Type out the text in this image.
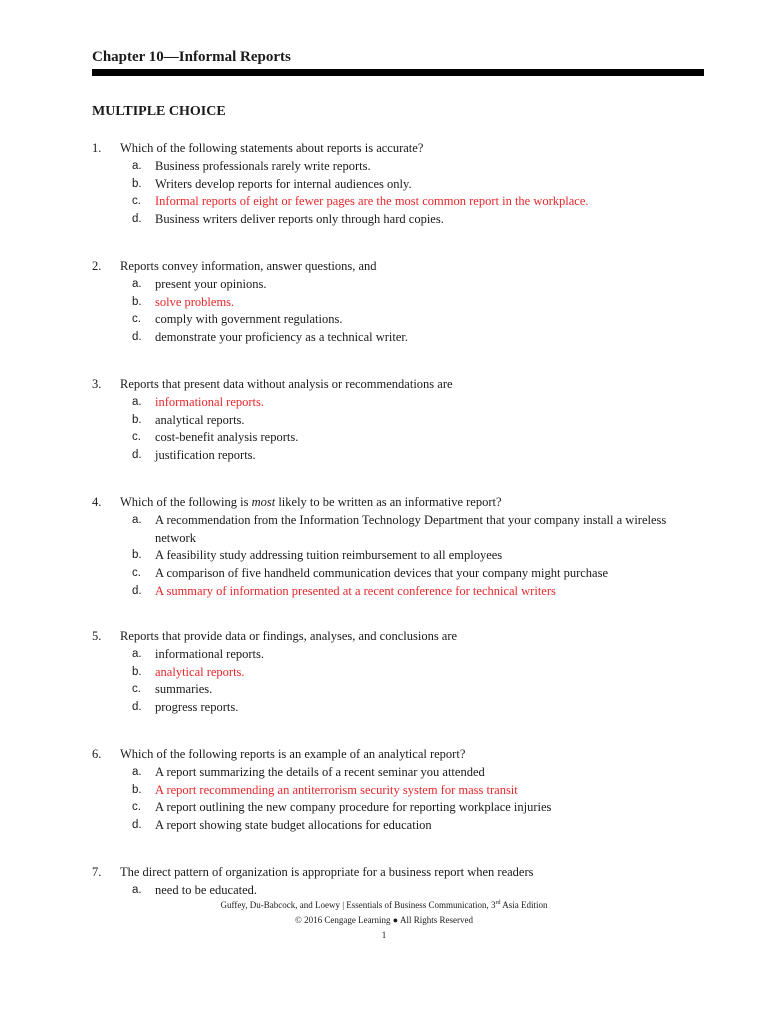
Chapter 10—Informal Reports
MULTIPLE CHOICE
1. Which of the following statements about reports is accurate?
a. Business professionals rarely write reports.
b. Writers develop reports for internal audiences only.
c. Informal reports of eight or fewer pages are the most common report in the workplace.
d. Business writers deliver reports only through hard copies.
2. Reports convey information, answer questions, and
a. present your opinions.
b. solve problems.
c. comply with government regulations.
d. demonstrate your proficiency as a technical writer.
3. Reports that present data without analysis or recommendations are
a. informational reports.
b. analytical reports.
c. cost-benefit analysis reports.
d. justification reports.
4. Which of the following is most likely to be written as an informative report?
a. A recommendation from the Information Technology Department that your company install a wireless network
b. A feasibility study addressing tuition reimbursement to all employees
c. A comparison of five handheld communication devices that your company might purchase
d. A summary of information presented at a recent conference for technical writers
5. Reports that provide data or findings, analyses, and conclusions are
a. informational reports.
b. analytical reports.
c. summaries.
d. progress reports.
6. Which of the following reports is an example of an analytical report?
a. A report summarizing the details of a recent seminar you attended
b. A report recommending an antiterrorism security system for mass transit
c. A report outlining the new company procedure for reporting workplace injuries
d. A report showing state budget allocations for education
7. The direct pattern of organization is appropriate for a business report when readers
a. need to be educated.
Guffey, Du-Babcock, and Loewy | Essentials of Business Communication, 3rd Asia Edition
© 2016 Cengage Learning ● All Rights Reserved
1
